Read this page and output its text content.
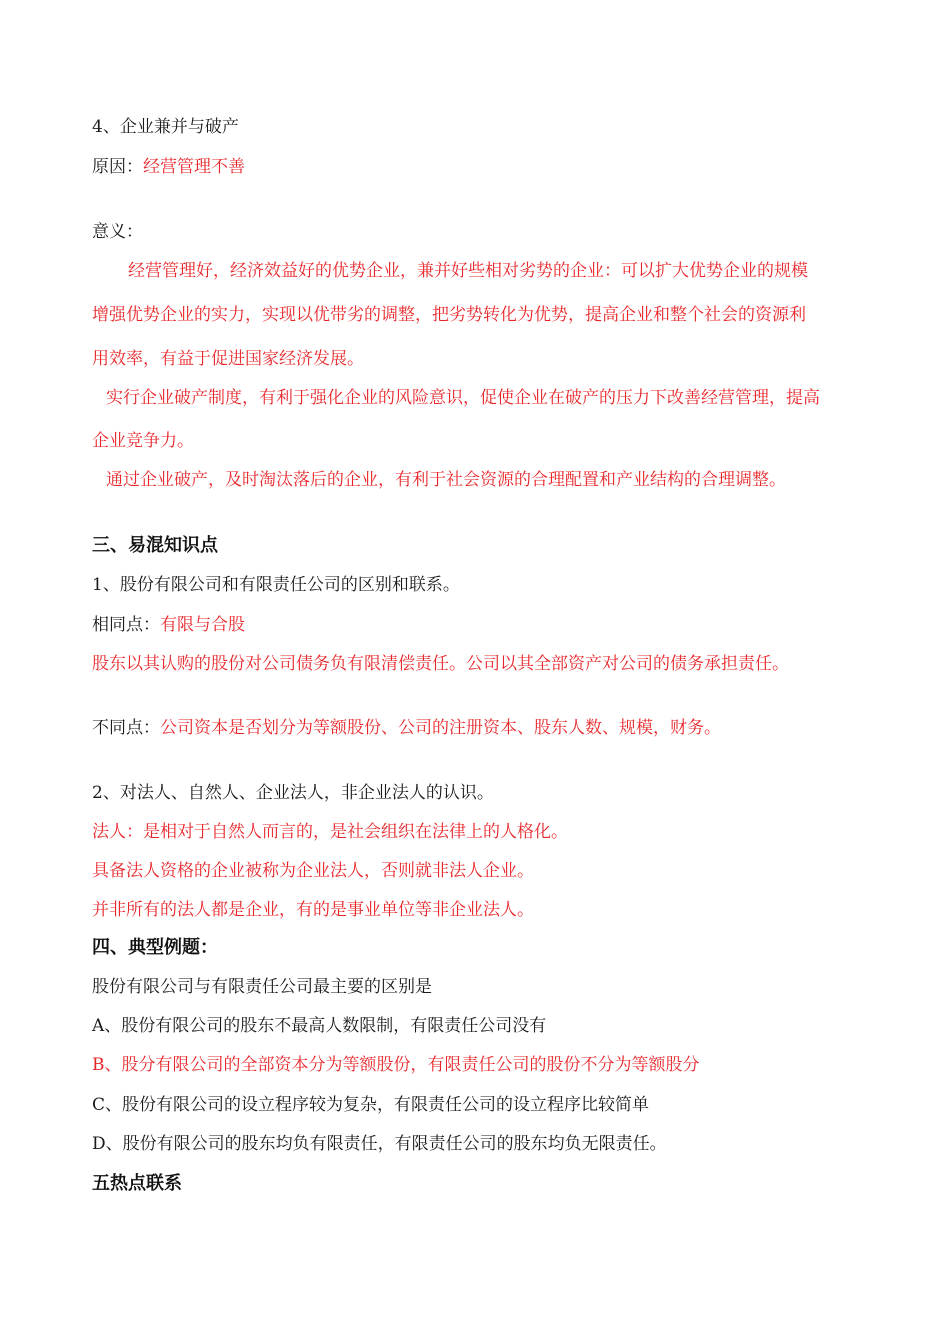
4、企业兼并与破产
原因：经营管理不善
意义：
经营管理好，经济效益好的优势企业，兼并好些相对劣势的企业：可以扩大优势企业的规模
增强优势企业的实力，实现以优带劣的调整，把劣势转化为优势，提高企业和整个社会的资源利
用效率，有益于促进国家经济发展。
实行企业破产制度，有利于强化企业的风险意识，促使企业在破产的压力下改善经营管理，提高
企业竞争力。
通过企业破产，及时淘汰落后的企业，有利于社会资源的合理配置和产业结构的合理调整。
三、易混知识点
1、股份有限公司和有限责任公司的区别和联系。
相同点：有限与合股
股东以其认购的股份对公司债务负有限清偿责任。公司以其全部资产对公司的债务承担责任。
不同点：公司资本是否划分为等额股份、公司的注册资本、股东人数、规模，财务。
2、对法人、自然人、企业法人，非企业法人的认识。
法人：是相对于自然人而言的，是社会组织在法律上的人格化。
具备法人资格的企业被称为企业法人，否则就非法人企业。
并非所有的法人都是企业，有的是事业单位等非企业法人。
四、典型例题：
股份有限公司与有限责任公司最主要的区别是
A、股份有限公司的股东不最高人数限制，有限责任公司没有
B、股分有限公司的全部资本分为等额股份，有限责任公司的股份不分为等额股分
C、股份有限公司的设立程序较为复杂，有限责任公司的设立程序比较简单
D、股份有限公司的股东均负有限责任，有限责任公司的股东均负无限责任。
五热点联系
